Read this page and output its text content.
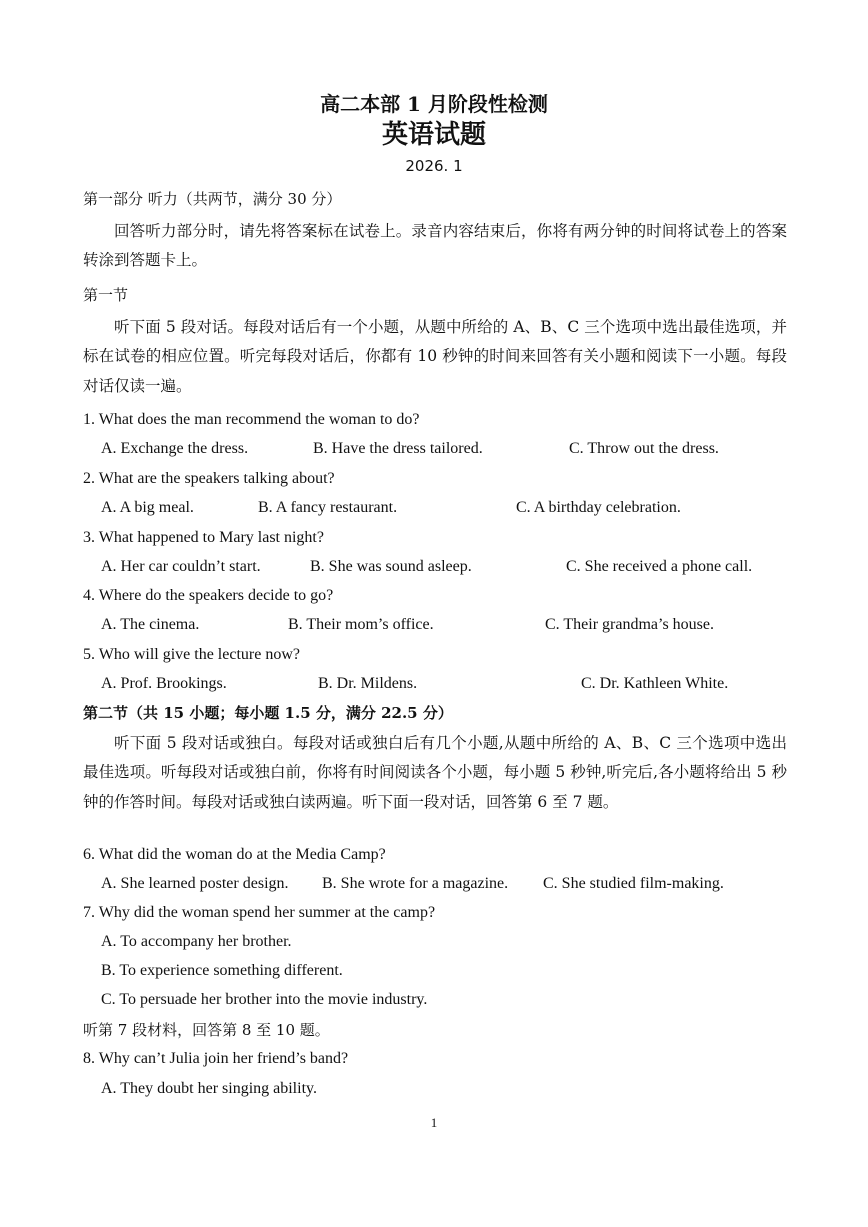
高二本部 1 月阶段性检测
英语试题
2026. 1
第一部分 听力（共两节，满分 30 分）
回答听力部分时，请先将答案标在试卷上。录音内容结束后，你将有两分钟的时间将试卷上的答案转涂到答题卡上。
第一节
听下面 5 段对话。每段对话后有一个小题，从题中所给的 A、B、C 三个选项中选出最佳选项，并标在试卷的相应位置。听完每段对话后，你都有 10 秒钟的时间来回答有关小题和阅读下一小题。每段对话仅读一遍。
1. What does the man recommend the woman to do?
A. Exchange the dress.	B. Have the dress tailored.	C. Throw out the dress.
2. What are the speakers talking about?
A. A big meal.	B. A fancy restaurant.	C. A birthday celebration.
3. What happened to Mary last night?
A. Her car couldn’t start.	B. She was sound asleep.	C. She received a phone call.
4. Where do the speakers decide to go?
A. The cinema.	B. Their mom’s office.	C. Their grandma’s house.
5. Who will give the lecture now?
A. Prof. Brookings.	B. Dr. Mildens.	C. Dr. Kathleen White.
第二节（共 15 小题；每小题 1.5 分，满分 22.5 分）
听下面 5 段对话或独白。每段对话或独白后有几个小题,从题中所给的 A、B、C 三个选项中选出最佳选项。听每段对话或独白前，你将有时间阅读各个小题，每小题 5 秒钟,听完后,各小题将给出 5 秒钟的作答时间。每段对话或独白读两遍。听下面一段对话，回答第 6 至 7 题。
6. What did the woman do at the Media Camp?
A. She learned poster design. B. She wrote for a magazine. C. She studied film-making.
7. Why did the woman spend her summer at the camp?
A. To accompany her brother.
B. To experience something different.
C. To persuade her brother into the movie industry.
听第 7 段材料，回答第 8 至 10 题。
8. Why can’t Julia join her friend’s band?
A. They doubt her singing ability.
1
